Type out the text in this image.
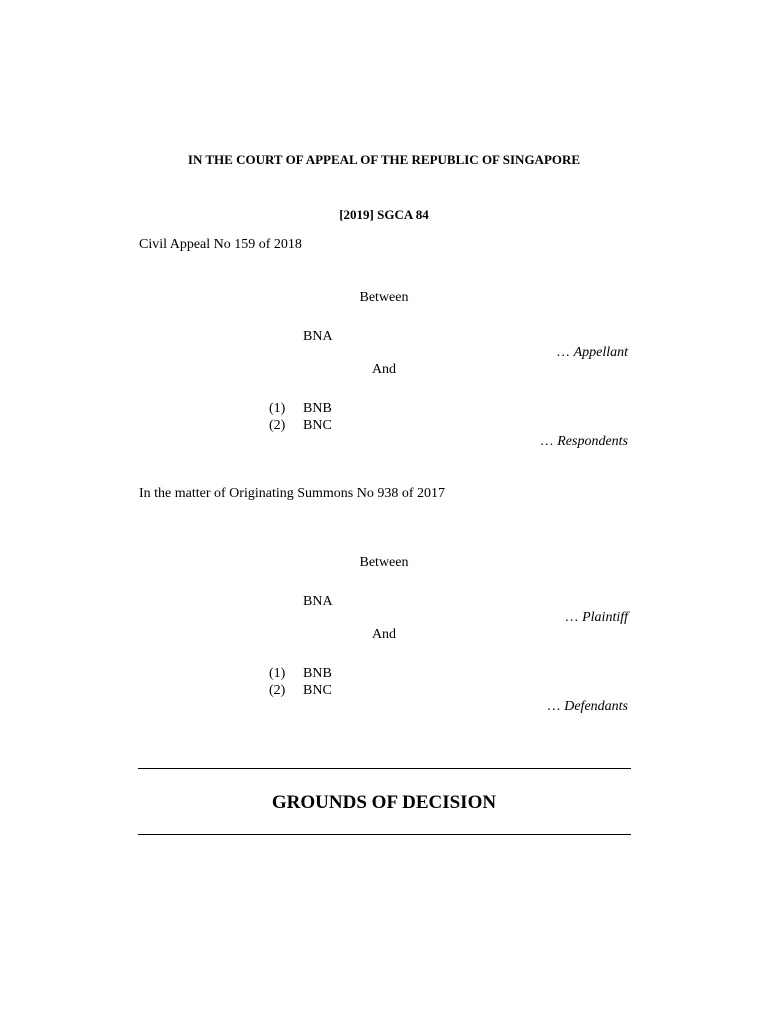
IN THE COURT OF APPEAL OF THE REPUBLIC OF SINGAPORE
[2019] SGCA 84
Civil Appeal No 159 of 2018
Between
BNA
… Appellant
And
(1) BNB
(2) BNC
… Respondents
In the matter of Originating Summons No 938 of 2017
Between
BNA
… Plaintiff
And
(1) BNB
(2) BNC
… Defendants
GROUNDS OF DECISION
